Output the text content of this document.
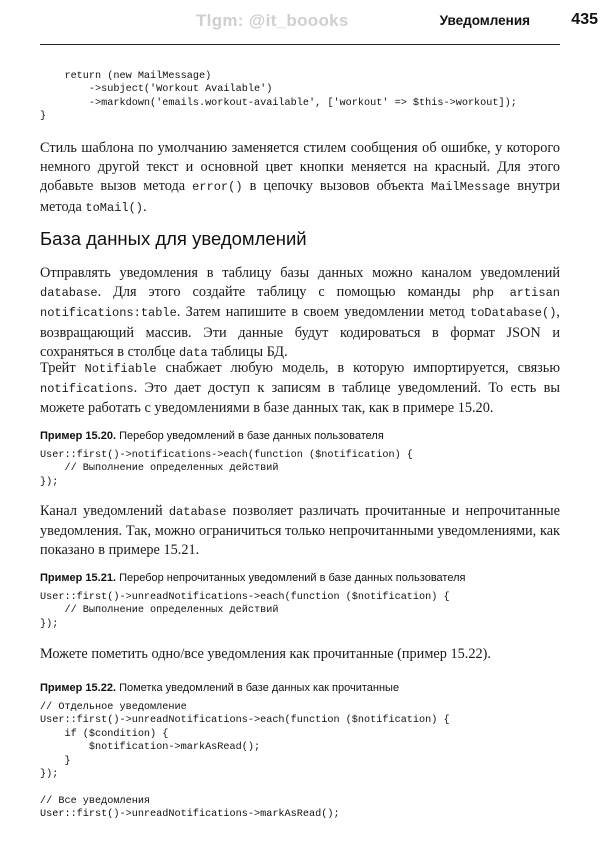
Tlgm: @it_boooks	Уведомления	435
return (new MailMessage)
->subject('Workout Available')
->markdown('emails.workout-available', ['workout' => $this->workout]);
}

Стиль шаблона по умолчанию заменяется стилем сообщения об ошибке, у которого немного другой текст и основной цвет кнопки меняется на красный. Для этого добавьте вызов метода error() в цепочку вызовов объекта MailMessage внутри метода toMail().

База данных для уведомлений

Отправлять уведомления в таблицу базы данных можно каналом уведомлений database. Для этого создайте таблицу с помощью команды php artisan notifications:table. Затем напишите в своем уведомлении метод toDatabase(), возвращающий массив. Эти данные будут кодироваться в формат JSON и сохраняться в столбце data таблицы БД.

Трейт Notifiable снабжает любую модель, в которую импортируется, связью notifications. Это дает доступ к записям в таблице уведомлений. То есть вы можете работать с уведомлениями в базе данных так, как в примере 15.20.

Пример 15.20. Перебор уведомлений в базе данных пользователя

User::first()->notifications->each(function ($notification) {
// Выполнение определенных действий
});

Канал уведомлений database позволяет различать прочитанные и непрочитанные уведомления. Так, можно ограничиться только непрочитанными уведомлениями, как показано в примере 15.21.

Пример 15.21. Перебор непрочитанных уведомлений в базе данных пользователя

User::first()->unreadNotifications->each(function ($notification) {
// Выполнение определенных действий
});

Можете пометить одно/все уведомления как прочитанные (пример 15.22).

Пример 15.22. Пометка уведомлений в базе данных как прочитанные

// Отдельное уведомление
User::first()->unreadNotifications->each(function ($notification) {
if ($condition) {
$notification->markAsRead();
}
});

// Все уведомления
User::first()->unreadNotifications->markAsRead();
